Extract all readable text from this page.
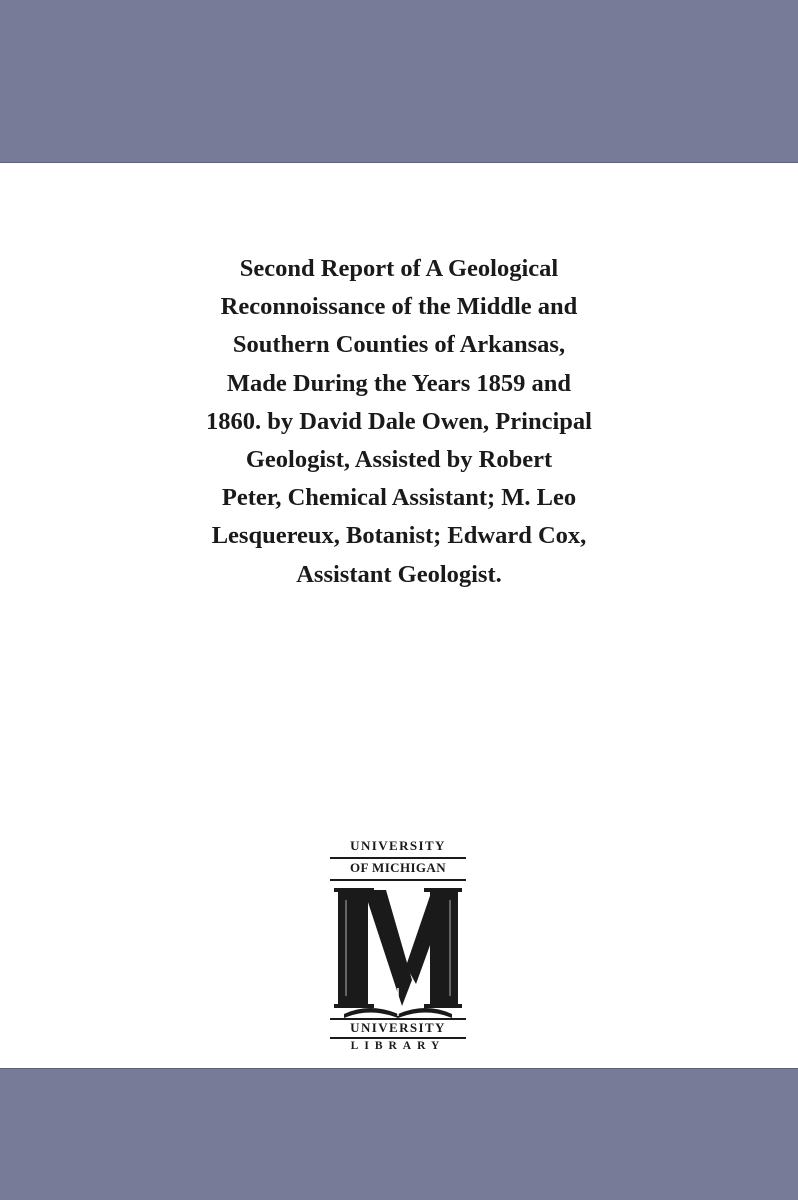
Second Report of A Geological
Reconnoissance of the Middle and
Southern Counties of Arkansas,
Made During the Years 1859 and
1860. by David Dale Owen, Principal
Geologist, Assisted by Robert
Peter, Chemical Assistant; M. Leo
Lesquereux, Botanist; Edward Cox,
Assistant Geologist.
UNIVERSITY
OF MICHIGAN
UNIVERSITY
LIBRARY
